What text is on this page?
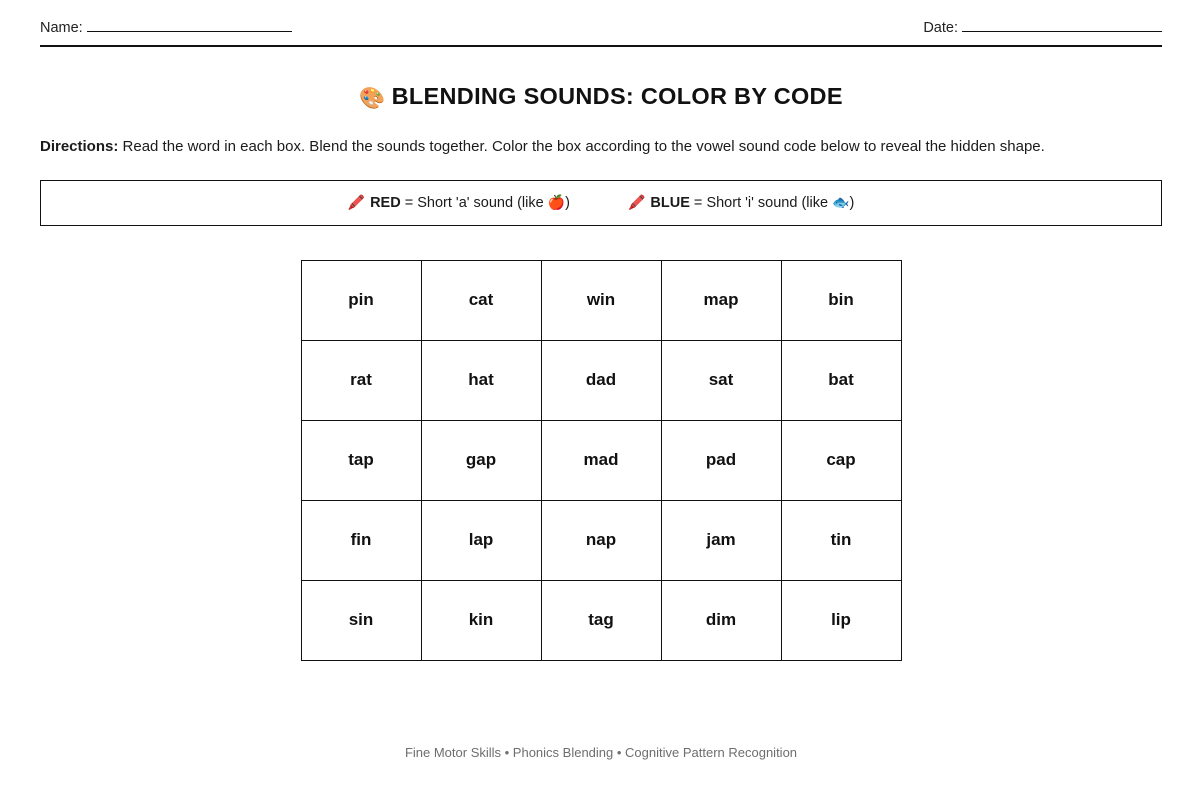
Name:	Date:
🎨 BLENDING SOUNDS: COLOR BY CODE

Directions: Read the word in each box. Blend the sounds together. Color the box according to the vowel sound code below to reveal the hidden shape.

🖍️ RED = Short 'a' sound (like 🍎)	🖍️ BLUE = Short 'i' sound (like 🐟)
pin	cat	win	map	bin
rat	hat	dad	sat	bat
tap	gap	mad	pad	cap
fin	lap	nap	jam	tin
sin	kin	tag	dim	lip
Fine Motor Skills • Phonics Blending • Cognitive Pattern Recognition
